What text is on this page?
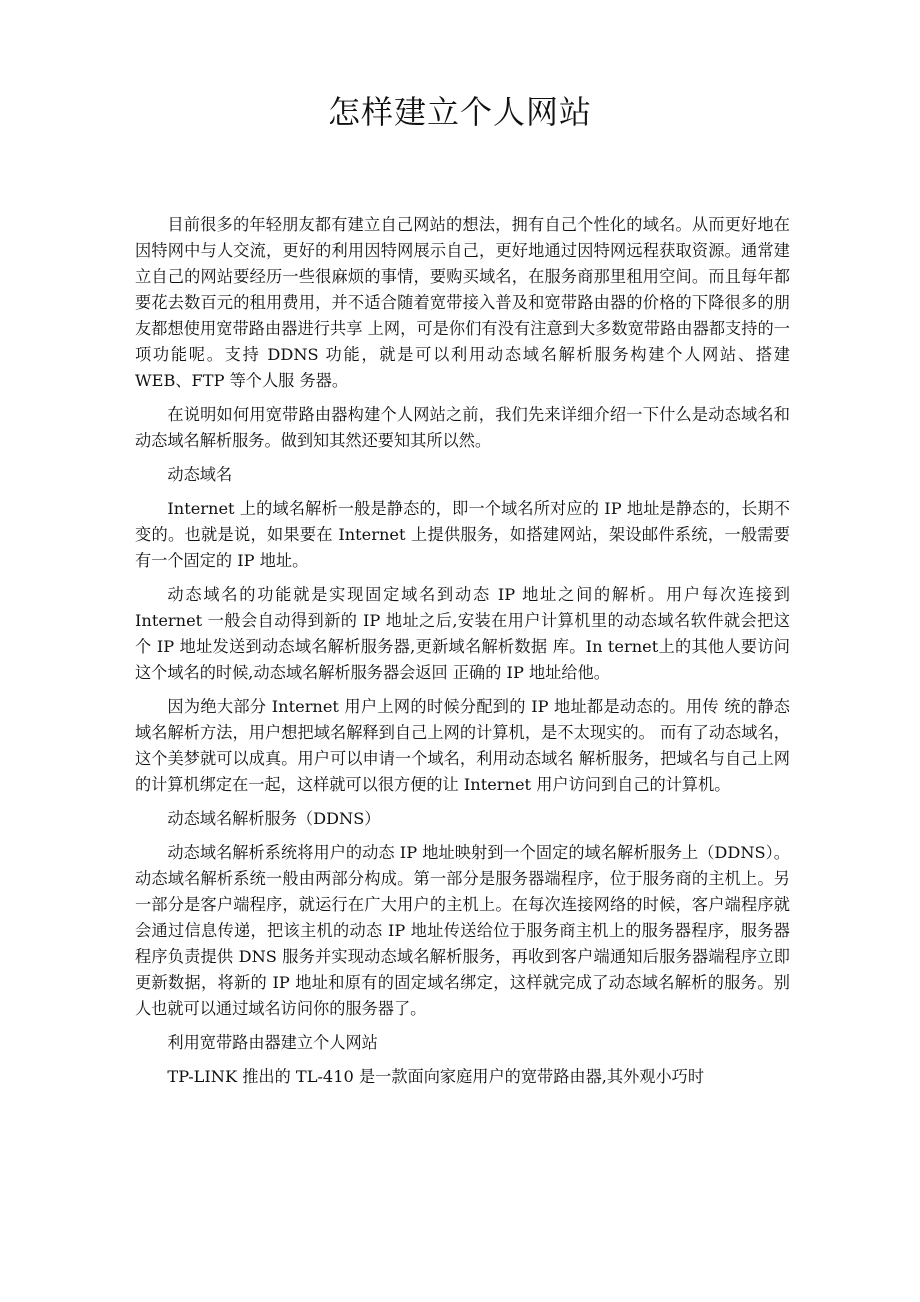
怎样建立个人网站

目前很多的年轻朋友都有建立自己网站的想法，拥有自己个性化的域名。从而更好地在因特网中与人交流，更好的利用因特网展示自己，更好地通过因特网远程获取资源。通常建立自己的网站要经历一些很麻烦的事情，要购买域名，在服务商那里租用空间。而且每年都要花去数百元的租用费用，并不适合随着宽带接入普及和宽带路由器的价格的下降很多的朋友都想使用宽带路由器进行共享 上网，可是你们有没有注意到大多数宽带路由器都支持的一项功能呢。支持 DDNS 功能，就是可以利用动态域名解析服务构建个人网站、搭建 WEB、FTP 等个人服 务器。

在说明如何用宽带路由器构建个人网站之前，我们先来详细介绍一下什么是动态域名和动态域名解析服务。做到知其然还要知其所以然。

动态域名

Internet 上的域名解析一般是静态的，即一个域名所对应的 IP 地址是静态的，长期不变的。也就是说，如果要在 Internet 上提供服务，如搭建网站，架设邮件系统，一般需要有一个固定的 IP 地址。

动态域名的功能就是实现固定域名到动态 IP 地址之间的解析。用户每次连接到 Internet 一般会自动得到新的 IP 地址之后,安装在用户计算机里的动态域名软件就会把这个 IP 地址发送到动态域名解析服务器,更新域名解析数据 库。In ternet上的其他人要访问这个域名的时候,动态域名解析服务器会返回 正确的 IP 地址给他。

因为绝大部分 Internet 用户上网的时候分配到的 IP 地址都是动态的。用传 统的静态域名解析方法，用户想把域名解释到自己上网的计算机，是不太现实的。 而有了动态域名，这个美梦就可以成真。用户可以申请一个域名，利用动态域名 解析服务，把域名与自己上网的计算机绑定在一起，这样就可以很方便的让 Internet 用户访问到自己的计算机。

动态域名解析服务（DDNS）

动态域名解析系统将用户的动态 IP 地址映射到一个固定的域名解析服务上（DDNS）。动态域名解析系统一般由两部分构成。第一部分是服务器端程序，位于服务商的主机上。另一部分是客户端程序，就运行在广大用户的主机上。在每次连接网络的时候，客户端程序就会通过信息传递，把该主机的动态 IP 地址传送给位于服务商主机上的服务器程序，服务器程序负责提供 DNS 服务并实现动态域名解析服务，再收到客户端通知后服务器端程序立即更新数据，将新的 IP 地址和原有的固定域名绑定，这样就完成了动态域名解析的服务。别人也就可以通过域名访问你的服务器了。

利用宽带路由器建立个人网站

TP-LINK 推出的 TL-410 是一款面向家庭用户的宽带路由器,其外观小巧时
